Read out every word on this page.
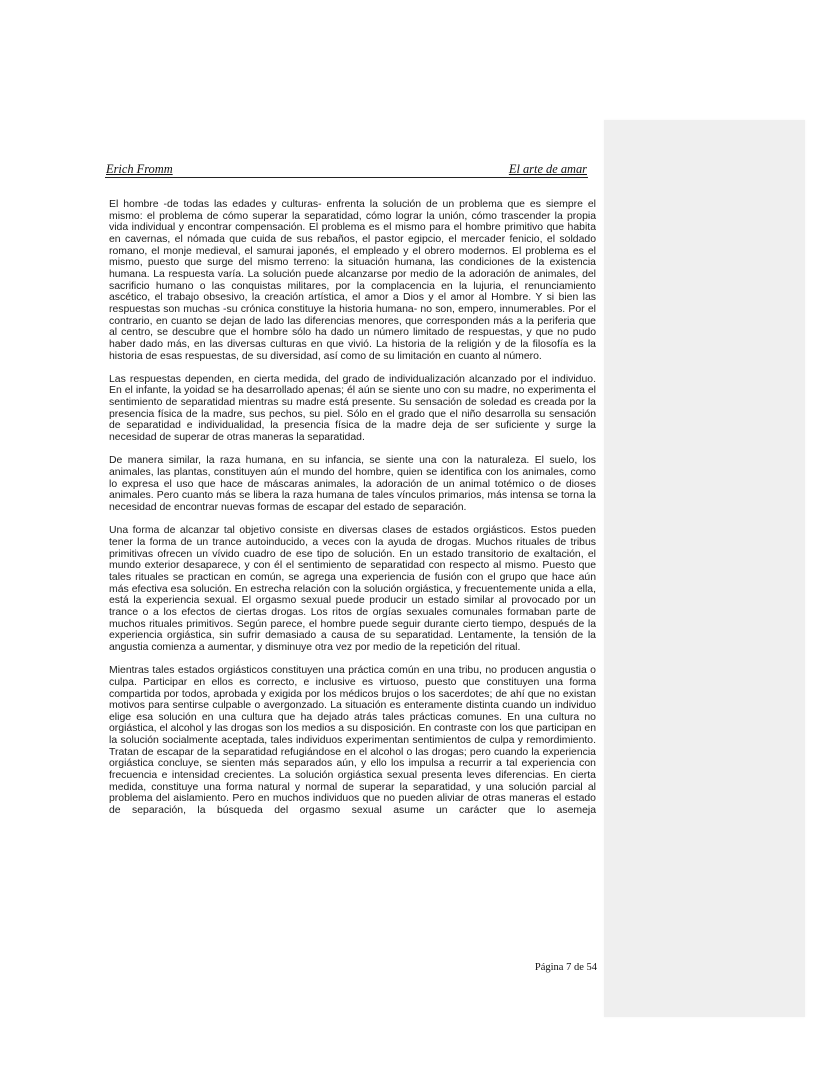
Erich Fromm	El arte de amar

El hombre -de todas las edades y culturas- enfrenta la solución de un problema que es siempre el mismo: el problema de cómo superar la separatidad, cómo lograr la unión, cómo trascender la propia vida individual y encontrar compensación. El problema es el mismo para el hombre primitivo que habita en cavernas, el nómada que cuida de sus rebaños, el pastor egipcio, el mercader fenicio, el soldado romano, el monje medieval, el samurai japonés, el empleado y el obrero modernos. El problema es el mismo, puesto que surge del mismo terreno: la situación humana, las condiciones de la existencia humana. La respuesta varía. La solución puede alcanzarse por medio de la adoración de animales, del sacrificio humano o las conquistas militares, por la complacencia en la lujuria, el renunciamiento ascético, el trabajo obsesivo, la creación artística, el amor a Dios y el amor al Hombre. Y si bien las respuestas son muchas -su crónica constituye la historia humana- no son, empero, innumerables. Por el contrario, en cuanto se dejan de lado las diferencias menores, que corresponden más a la periferia que al centro, se descubre que el hombre sólo ha dado un número limitado de respuestas, y que no pudo haber dado más, en las diversas culturas en que vivió. La historia de la religión y de la filosofía es la historia de esas respuestas, de su diversidad, así como de su limitación en cuanto al número.

Las respuestas dependen, en cierta medida, del grado de individualización alcanzado por el individuo. En el infante, la yoidad se ha desarrollado apenas; él aún se siente uno con su madre, no experimenta el sentimiento de separatidad mientras su madre está presente. Su sensación de soledad es creada por la presencia física de la madre, sus pechos, su piel. Sólo en el grado que el niño desarrolla su sensación de separatidad e individualidad, la presencia física de la madre deja de ser suficiente y surge la necesidad de superar de otras maneras la separatidad.

De manera similar, la raza humana, en su infancia, se siente una con la naturaleza. El suelo, los animales, las plantas, constituyen aún el mundo del hombre, quien se identifica con los animales, como lo expresa el uso que hace de máscaras animales, la adoración de un animal totémico o de dioses animales. Pero cuanto más se libera la raza humana de tales vínculos primarios, más intensa se torna la necesidad de encontrar nuevas formas de escapar del estado de separación.

Una forma de alcanzar tal objetivo consiste en diversas clases de estados orgiásticos. Estos pueden tener la forma de un trance autoinducido, a veces con la ayuda de drogas. Muchos rituales de tribus primitivas ofrecen un vívido cuadro de ese tipo de solución. En un estado transitorio de exaltación, el mundo exterior desaparece, y con él el sentimiento de separatidad con respecto al mismo. Puesto que tales rituales se practican en común, se agrega una experiencia de fusión con el grupo que hace aún más efectiva esa solución. En estrecha relación con la solución orgiástica, y frecuentemente unida a ella, está la experiencia sexual. El orgasmo sexual puede producir un estado similar al provocado por un trance o a los efectos de ciertas drogas. Los ritos de orgías sexuales comunales formaban parte de muchos rituales primitivos. Según parece, el hombre puede seguir durante cierto tiempo, después de la experiencia orgiástica, sin sufrir demasiado a causa de su separatidad. Lentamente, la tensión de la angustia comienza a aumentar, y disminuye otra vez por medio de la repetición del ritual.

Mientras tales estados orgiásticos constituyen una práctica común en una tribu, no producen angustia o culpa. Participar en ellos es correcto, e inclusive es virtuoso, puesto que constituyen una forma compartida por todos, aprobada y exigida por los médicos brujos o los sacerdotes; de ahí que no existan motivos para sentirse culpable o avergonzado. La situación es enteramente distinta cuando un individuo elige esa solución en una cultura que ha dejado atrás tales prácticas comunes. En una cultura no orgiástica, el alcohol y las drogas son los medios a su disposición. En contraste con los que participan en la solución socialmente aceptada, tales individuos experimentan sentimientos de culpa y remordimiento. Tratan de escapar de la separatidad refugiándose en el alcohol o las drogas; pero cuando la experiencia orgiástica concluye, se sienten más separados aún, y ello los impulsa a recurrir a tal experiencia con frecuencia e intensidad crecientes. La solución orgiástica sexual presenta leves diferencias. En cierta medida, constituye una forma natural y normal de superar la separatidad, y una solución parcial al problema del aislamiento. Pero en muchos individuos que no pueden aliviar de otras maneras el estado de separación, la búsqueda del orgasmo sexual asume un carácter que lo asemeja

Página 7 de 54
